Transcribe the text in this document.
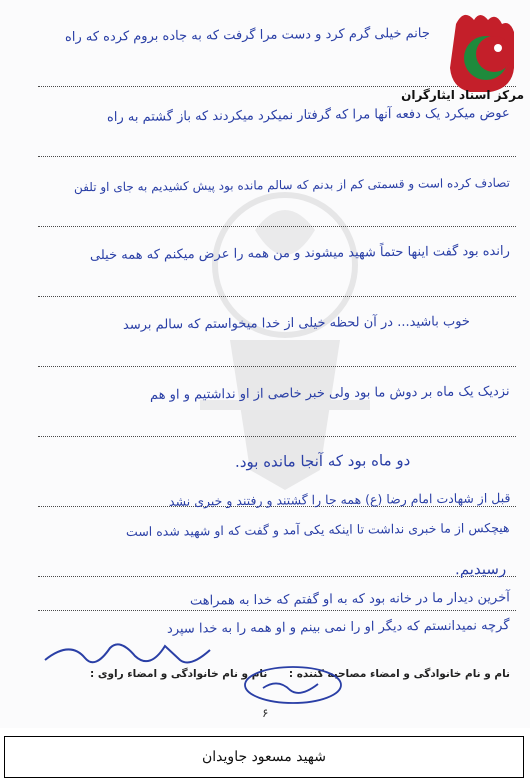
جانم خیلی گرم کرد و دست مرا گرفت که به جاده بروم کرده که راه
عوض میکرد یک دفعه آنها مرا که گرفتار نمیکرد میکردند که باز گشتم به راه
تصادف کرده است و قسمتی کم از بدنم که سالم مانده بود پیش کشیدیم به جای او تلفن
رانده بود گفت اینها حتماً شهید میشوند و من همه را عرض میکنم که همه خیلی
خوب باشید... در آن لحظه خیلی از خدا میخواستم که سالم برسد
نزدیک یک ماه بر دوش ما بود ولی خبر خاصی از او نداشتیم و او هم
دو ماه بود که آنجا مانده بود.
قبل از شهادت امام رضا (ع) همه جا را گشتند و رفتند و خبری نشد
هیچکس از ما خبری نداشت تا اینکه یکی آمد و گفت که او شهید شده است
رسیدیم.
آخرین دیدار ما در خانه بود که به او گفتم که خدا به همراهت
گرچه نمیدانستم که دیگر او را نمی بینم و او همه را به خدا سپرد
مرکز اسناد ایثارگران
نام و نام خانوادگی و امضاء مصاحبه کننده :
نام و نام خانوادگی و امضاء راوی :
۶
شهید مسعود جاویدان
